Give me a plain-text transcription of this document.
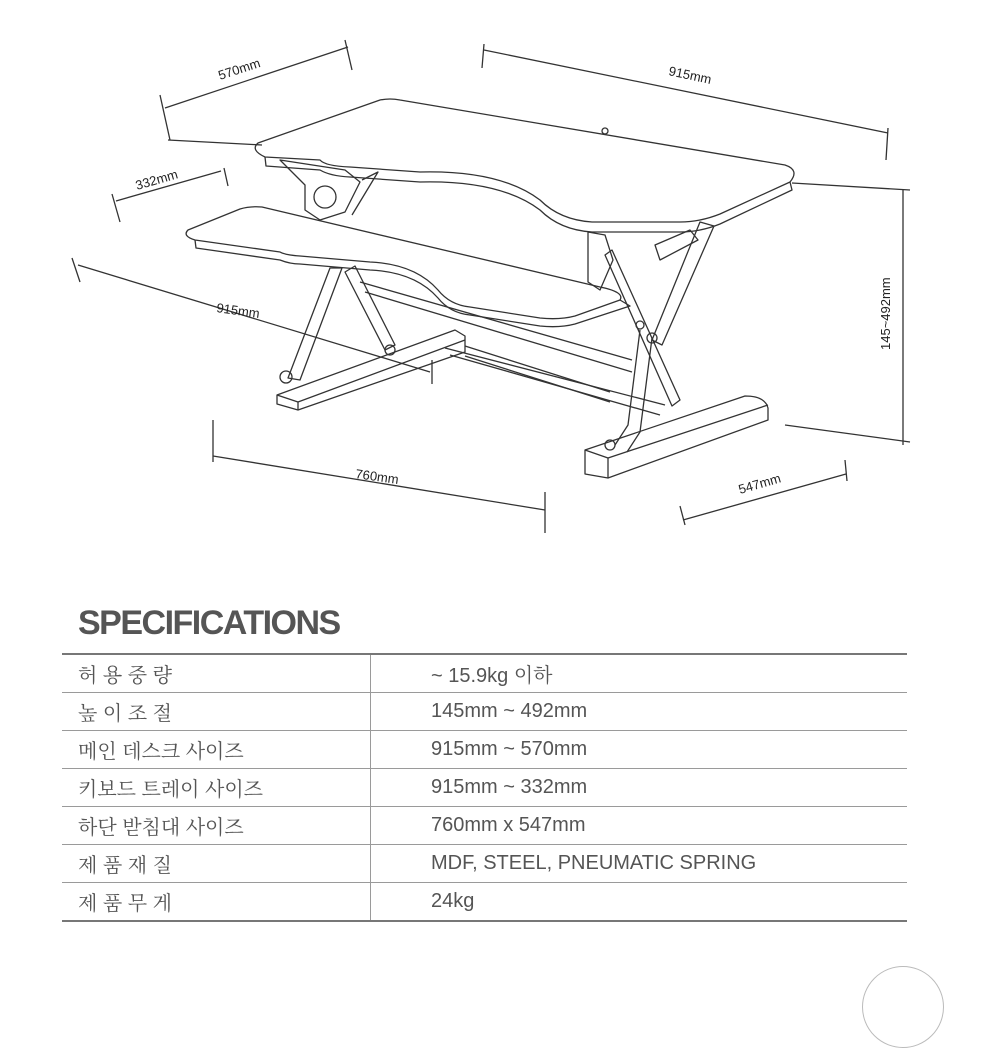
570mm	915mm
332mm
915mm	145~492mm
760mm	547mm
SPECIFICATIONS
허 용 중 량	~ 15.9kg 이하
높 이 조 절	145mm ~ 492mm
메인 데스크 사이즈	915mm ~ 570mm
키보드 트레이 사이즈	915mm ~ 332mm
하단 받침대 사이즈	760mm x 547mm
제 품 재 질	MDF, STEEL, PNEUMATIC SPRING
제 품 무 게	24kg
